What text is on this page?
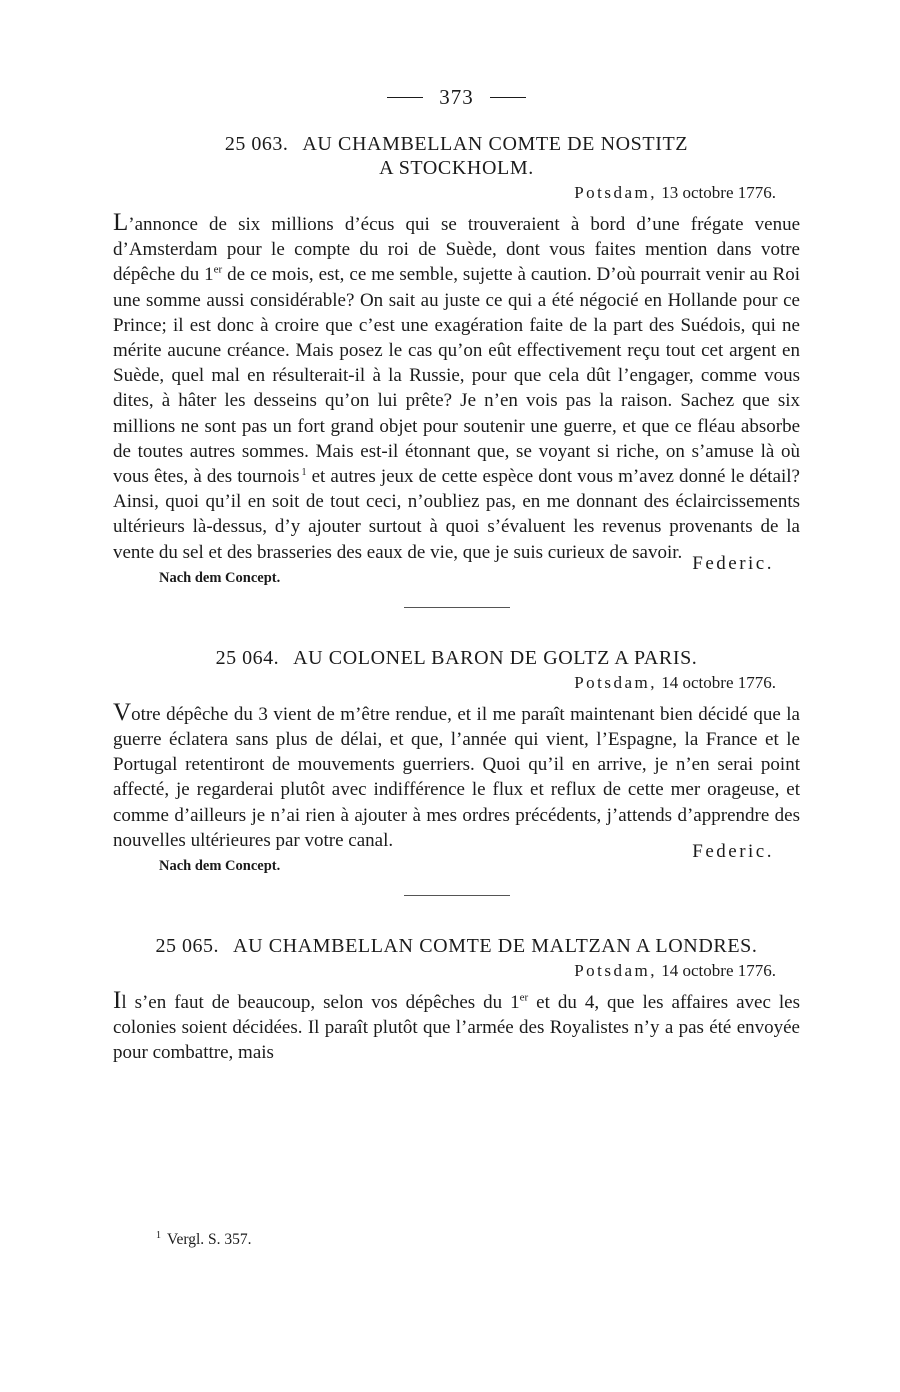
373
25 063. AU CHAMBELLAN COMTE DE NOSTITZ
A STOCKHOLM.
Potsdam, 13 octobre 1776.
L’annonce de six millions d’écus qui se trouveraient à bord d’une frégate venue d’Amsterdam pour le compte du roi de Suède, dont vous faites mention dans votre dépêche du 1er de ce mois, est, ce me semble, sujette à caution. D’où pourrait venir au Roi une somme aussi considérable? On sait au juste ce qui a été négocié en Hollande pour ce Prince; il est donc à croire que c’est une exagération faite de la part des Suédois, qui ne mérite aucune créance. Mais posez le cas qu’on eût effectivement reçu tout cet argent en Suède, quel mal en résulterait-il à la Russie, pour que cela dût l’engager, comme vous dites, à hâter les desseins qu’on lui prête? Je n’en vois pas la raison. Sachez que six millions ne sont pas un fort grand objet pour soutenir une guerre, et que ce fléau absorbe de toutes autres sommes. Mais est-il étonnant que, se voyant si riche, on s’amuse là où vous êtes, à des tournois $^1$ et autres jeux de cette espèce dont vous m’avez donné le détail? Ainsi, quoi qu’il en soit de tout ceci, n’oubliez pas, en me donnant des éclaircissements ultérieurs là-dessus, d’y ajouter surtout à quoi s’évaluent les revenus provenants de la vente du sel et des brasseries des eaux de vie, que je suis curieux de savoir.
Federic.
Nach dem Concept.
25 064. AU COLONEL BARON DE GOLTZ A PARIS.
Potsdam, 14 octobre 1776.
Votre dépêche du 3 vient de m’être rendue, et il me paraît maintenant bien décidé que la guerre éclatera sans plus de délai, et que, l’année qui vient, l’Espagne, la France et le Portugal retentiront de mouvements guerriers. Quoi qu’il en arrive, je n’en serai point affecté, je regarderai plutôt avec indifférence le flux et reflux de cette mer orageuse, et comme d’ailleurs je n’ai rien à ajouter à mes ordres précédents, j’attends d’apprendre des nouvelles ultérieures par votre canal.
Federic.
Nach dem Concept.
25 065. AU CHAMBELLAN COMTE DE MALTZAN A LONDRES.
Potsdam, 14 octobre 1776.
Il s’en faut de beaucoup, selon vos dépêches du 1er et du 4, que les affaires avec les colonies soient décidées. Il paraît plutôt que l’armée des Royalistes n’y a pas été envoyée pour combattre, mais
$^1$ Vergl. S. 357.
